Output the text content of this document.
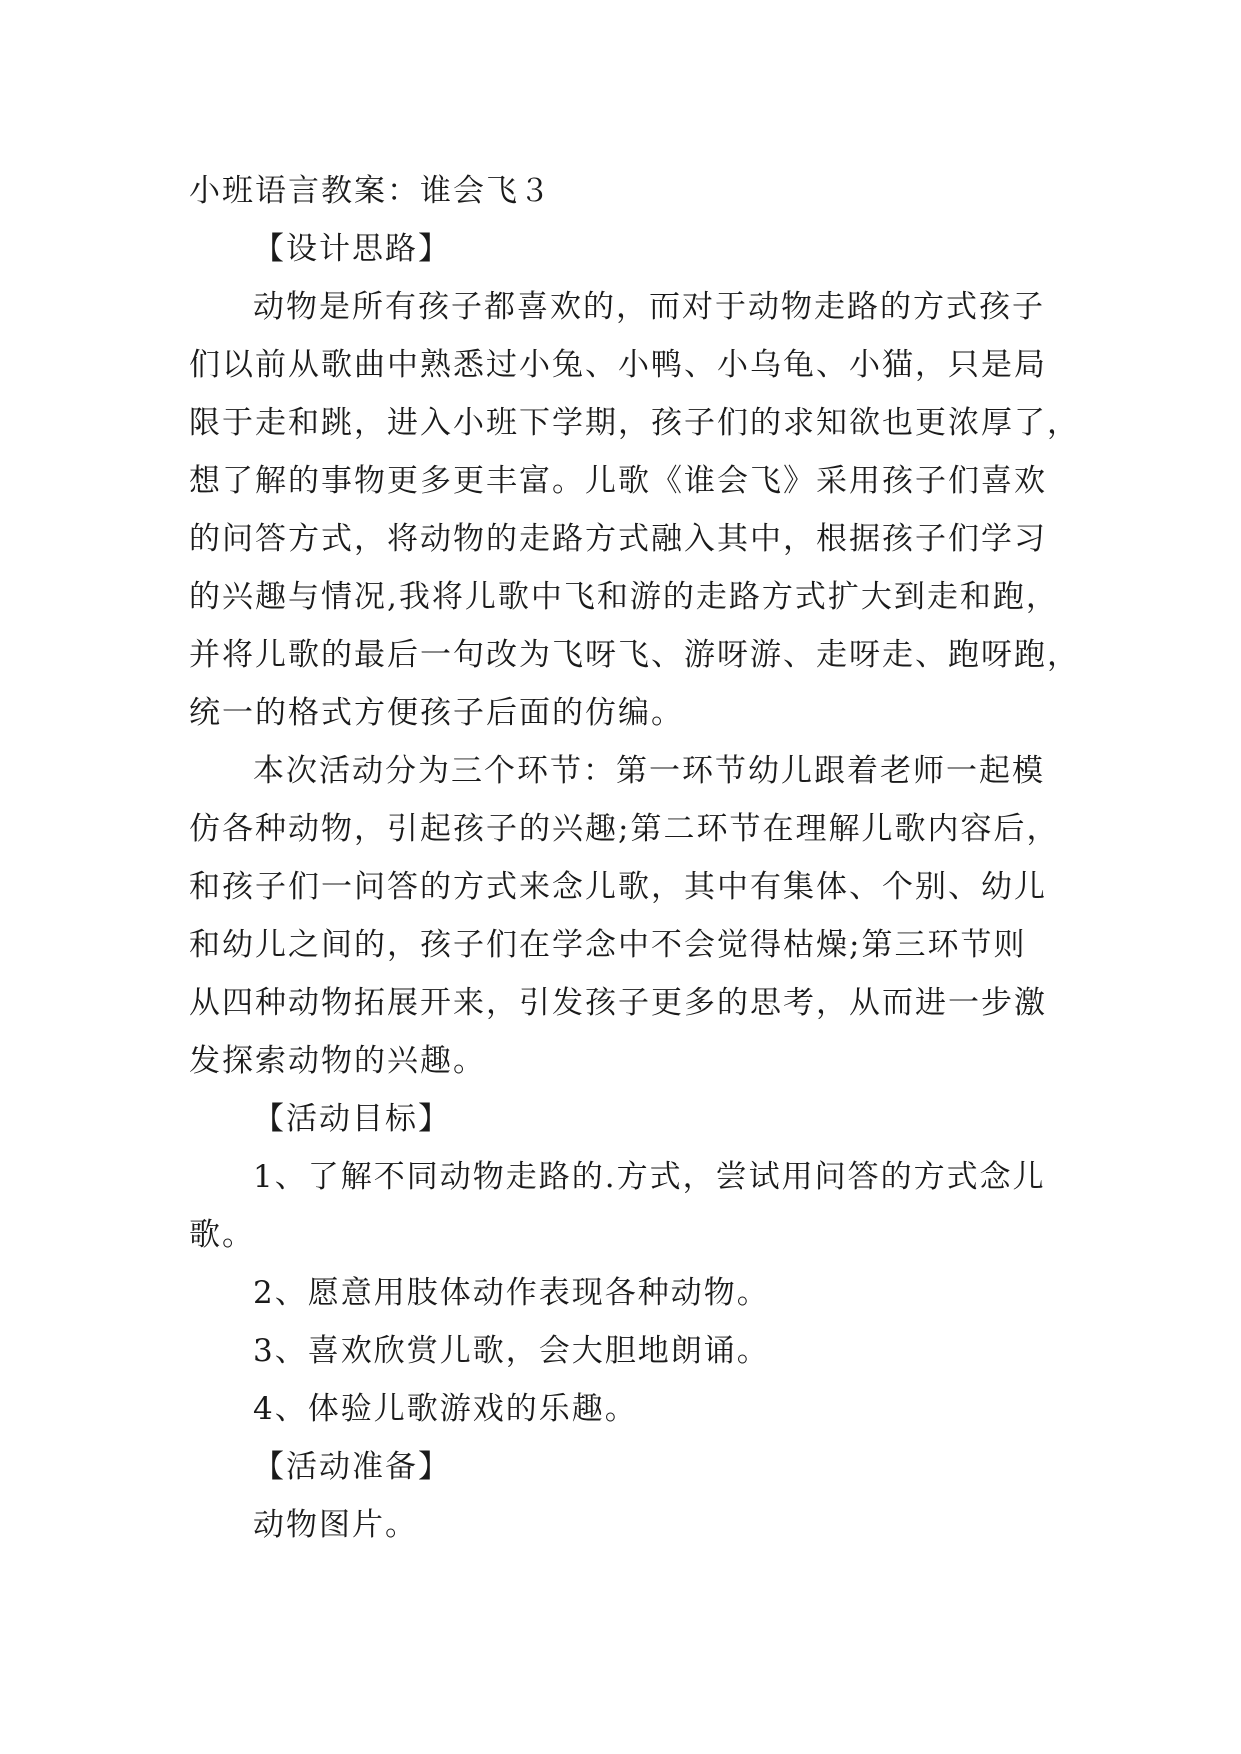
小班语言教案：谁会飞３

【设计思路】

动物是所有孩子都喜欢的，而对于动物走路的方式孩子
们以前从歌曲中熟悉过小兔、小鸭、小乌龟、小猫，只是局
限于走和跳，进入小班下学期，孩子们的求知欲也更浓厚了，
想了解的事物更多更丰富。儿歌《谁会飞》采用孩子们喜欢
的问答方式，将动物的走路方式融入其中，根据孩子们学习
的兴趣与情况,我将儿歌中飞和游的走路方式扩大到走和跑，
并将儿歌的最后一句改为飞呀飞、游呀游、走呀走、跑呀跑，
统一的格式方便孩子后面的仿编。

本次活动分为三个环节：第一环节幼儿跟着老师一起模
仿各种动物，引起孩子的兴趣;第二环节在理解儿歌内容后，
和孩子们一问答的方式来念儿歌，其中有集体、个别、幼儿
和幼儿之间的，孩子们在学念中不会觉得枯燥;第三环节则
从四种动物拓展开来，引发孩子更多的思考，从而进一步激
发探索动物的兴趣。

【活动目标】

1、了解不同动物走路的.方式，尝试用问答的方式念儿
歌。

2、愿意用肢体动作表现各种动物。

3、喜欢欣赏儿歌，会大胆地朗诵。

4、体验儿歌游戏的乐趣。

【活动准备】

动物图片。
